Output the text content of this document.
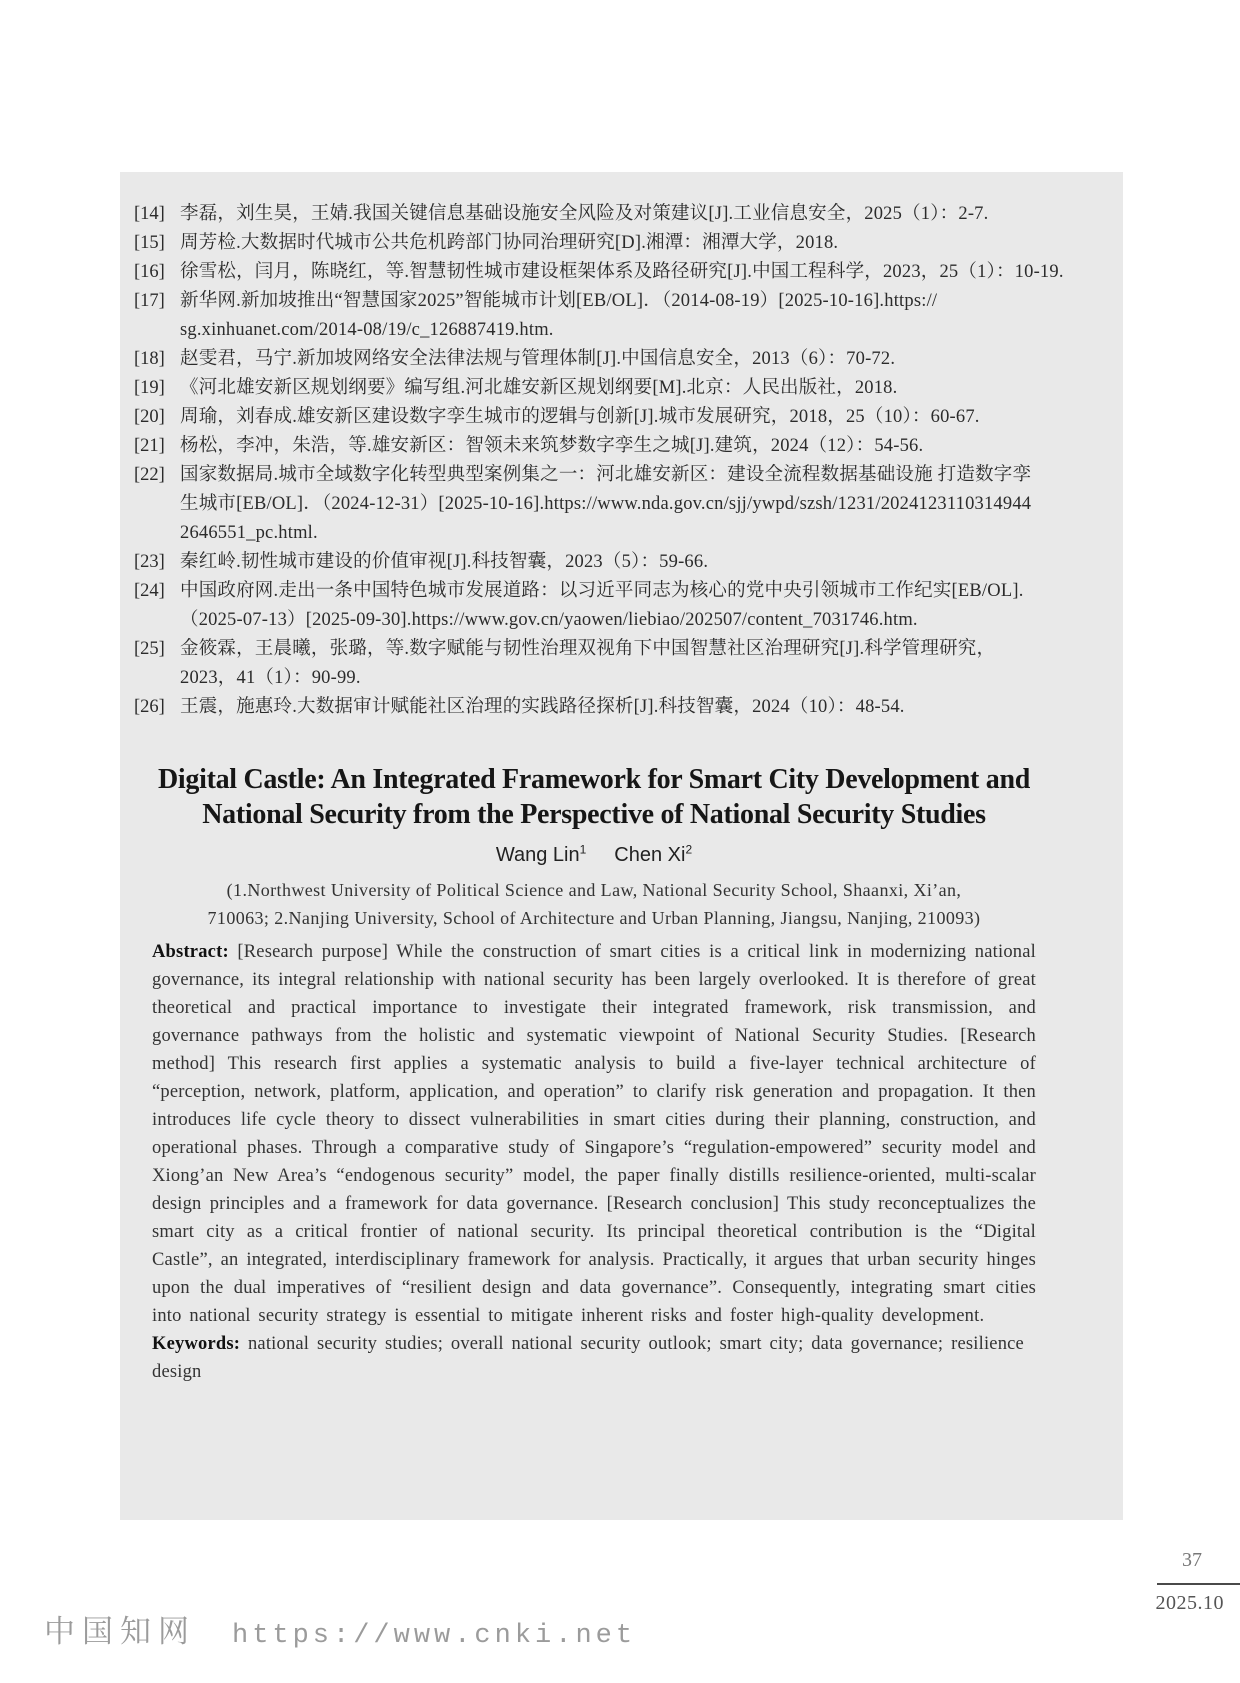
[14] 李磊，刘生昊，王婧.我国关键信息基础设施安全风险及对策建议[J].工业信息安全，2025（1）：2-7.
[15] 周芳检.大数据时代城市公共危机跨部门协同治理研究[D].湘潭：湘潭大学，2018.
[16] 徐雪松，闫月，陈晓红，等.智慧韧性城市建设框架体系及路径研究[J].中国工程科学，2023，25（1）：10-19.
[17] 新华网.新加坡推出“智慧国家2025”智能城市计划[EB/OL]．（2014-08-19）[2025-10-16].https://
sg.xinhuanet.com/2014-08/19/c_126887419.htm.
[18] 赵雯君，马宁.新加坡网络安全法律法规与管理体制[J].中国信息安全，2013（6）：70-72.
[19] 《河北雄安新区规划纲要》编写组.河北雄安新区规划纲要[M].北京：人民出版社，2018.
[20] 周瑜，刘春成.雄安新区建设数字孪生城市的逻辑与创新[J].城市发展研究，2018，25（10）：60-67.
[21] 杨松，李冲，朱浩，等.雄安新区：智领未来筑梦数字孪生之城[J].建筑，2024（12）：54-56.
[22] 国家数据局.城市全域数字化转型典型案例集之一：河北雄安新区：建设全流程数据基础设施 打造数字孪
生城市[EB/OL]．（2024-12-31）[2025-10-16].https://www.nda.gov.cn/sjj/ywpd/szsh/1231/2024123110314944
2646551_pc.html.
[23] 秦红岭.韧性城市建设的价值审视[J].科技智囊，2023（5）：59-66.
[24] 中国政府网.走出一条中国特色城市发展道路：以习近平同志为核心的党中央引领城市工作纪实[EB/OL].
（2025-07-13）[2025-09-30].https://www.gov.cn/yaowen/liebiao/202507/content_7031746.htm.
[25] 金筱霖，王晨曦，张璐，等.数字赋能与韧性治理双视角下中国智慧社区治理研究[J].科学管理研究，
2023，41（1）：90-99.
[26] 王震，施惠玲.大数据审计赋能社区治理的实践路径探析[J].科技智囊，2024（10）：48-54.
Digital Castle: An Integrated Framework for Smart City Development and
National Security from the Perspective of National Security Studies
Wang Lin$^1$ Chen Xi$^2$
(1.Northwest University of Political Science and Law, National Security School, Shaanxi, Xi’an,
710063; 2.Nanjing University, School of Architecture and Urban Planning, Jiangsu, Nanjing, 210093)
Abstract: [Research purpose] While the construction of smart cities is a critical link in modernizing national governance, its integral relationship with national security has been largely overlooked. It is therefore of great theoretical and practical importance to investigate their integrated framework, risk transmission, and governance pathways from the holistic and systematic viewpoint of National Security Studies. [Research method] This research first applies a systematic analysis to build a five-layer technical architecture of “perception, network, platform, application, and operation” to clarify risk generation and propagation. It then introduces life cycle theory to dissect vulnerabilities in smart cities during their planning, construction, and operational phases. Through a comparative study of Singapore’s “regulation-empowered” security model and Xiong’an New Area’s “endogenous security” model, the paper finally distills resilience-oriented, multi-scalar design principles and a framework for data governance. [Research conclusion] This study reconceptualizes the smart city as a critical frontier of national security. Its principal theoretical contribution is the “Digital Castle”, an integrated, interdisciplinary framework for analysis. Practically, it argues that urban security hinges upon the dual imperatives of “resilient design and data governance”. Consequently, integrating smart cities into national security strategy is essential to mitigate inherent risks and foster high-quality development.
Keywords: national security studies; overall national security outlook; smart city; data governance; resilience design
37
2025.10
中国知网 https://www.cnki.net
